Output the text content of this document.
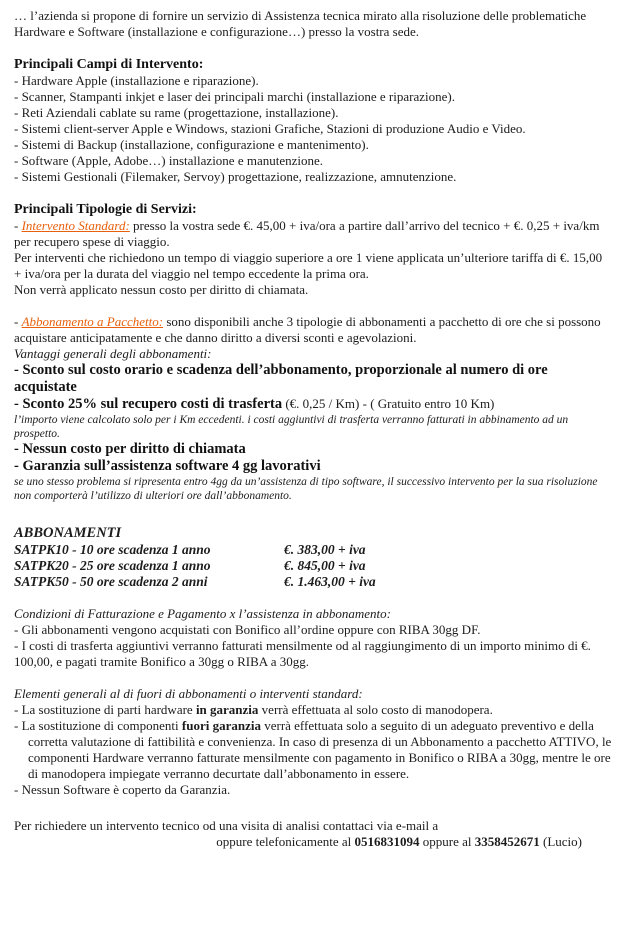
… l’azienda si propone di fornire un servizio di Assistenza tecnica mirato alla risoluzione delle problematiche Hardware e Software (installazione e configurazione…) presso la vostra sede.

Principali Campi di Intervento:

- Hardware Apple (installazione e riparazione).

- Scanner, Stampanti inkjet e laser dei principali marchi (installazione e riparazione).

- Reti Aziendali cablate su rame (progettazione, installazione).

- Sistemi client-server Apple e Windows, stazioni Grafiche, Stazioni di produzione Audio e Video.

- Sistemi di Backup (installazione, configurazione e mantenimento).

- Software (Apple, Adobe…) installazione e manutenzione.

- Sistemi Gestionali (Filemaker, Servoy) progettazione, realizzazione, amnutenzione.

Principali Tipologie di Servizi:

- Intervento Standard: presso la vostra sede €. 45,00 + iva/ora a partire dall’arrivo del tecnico + €. 0,25 + iva/km per recupero spese di viaggio.

Per interventi che richiedono un tempo di viaggio superiore a ore 1 viene applicata un’ulteriore tariffa di €. 15,00 + iva/ora per la durata del viaggio nel tempo eccedente la prima ora.

Non verrà applicato nessun costo per diritto di chiamata.

- Abbonamento a Pacchetto: sono disponibili anche 3 tipologie di abbonamenti a pacchetto di ore che si possono acquistare anticipatamente e che danno diritto a diversi sconti e agevolazioni.

Vantaggi generali degli abbonamenti:

- Sconto sul costo orario e scadenza dell’abbonamento, proporzionale al numero di ore acquistate

- Sconto 25% sul recupero costi di trasferta (€. 0,25 / Km) - ( Gratuito entro 10 Km)

l’importo viene calcolato solo per i Km eccedenti. i costi aggiuntivi di trasferta verranno fatturati in abbinamento ad un prospetto.

- Nessun costo per diritto di chiamata

- Garanzia sull’assistenza software 4 gg lavorativi

se uno stesso problema si ripresenta entro 4gg da un’assistenza di tipo software, il successivo intervento per la sua risoluzione non comporterà l’utilizzo di ulteriori ore dall’abbonamento.

ABBONAMENTI

SATPK10 - 10 ore scadenza 1 anno	€. 383,00 + iva
SATPK20 - 25 ore scadenza 1 anno	€. 845,00 + iva
SATPK50 - 50 ore scadenza 2 anni	€. 1.463,00 + iva

Condizioni di Fatturazione e Pagamento x l’assistenza in abbonamento:

- Gli abbonamenti vengono acquistati con Bonifico all’ordine oppure con RIBA 30gg DF.

- I costi di trasferta aggiuntivi verranno fatturati mensilmente od al raggiungimento di un importo minimo di €. 100,00, e pagati tramite Bonifico a 30gg o RIBA a 30gg.

Elementi generali al di fuori di abbonamenti o interventi standard:

- La sostituzione di parti hardware in garanzia verrà effettuata al solo costo di manodopera.

- La sostituzione di componenti fuori garanzia verrà effettuata solo a seguito di un adeguato preventivo e della corretta valutazione di fattibilità e convenienza. In caso di presenza di un Abbonamento a pacchetto ATTIVO, le componenti Hardware verranno fatturate mensilmente con pagamento in Bonifico o RIBA a 30gg, mentre le ore di manodopera impiegate verranno decurtate dall’abbonamento in essere.

- Nessun Software è coperto da Garanzia.

Per richiedere un intervento tecnico od una visita di analisi contattaci via e-mail a

oppure telefonicamente al 0516831094 oppure al 3358452671 (Lucio)
